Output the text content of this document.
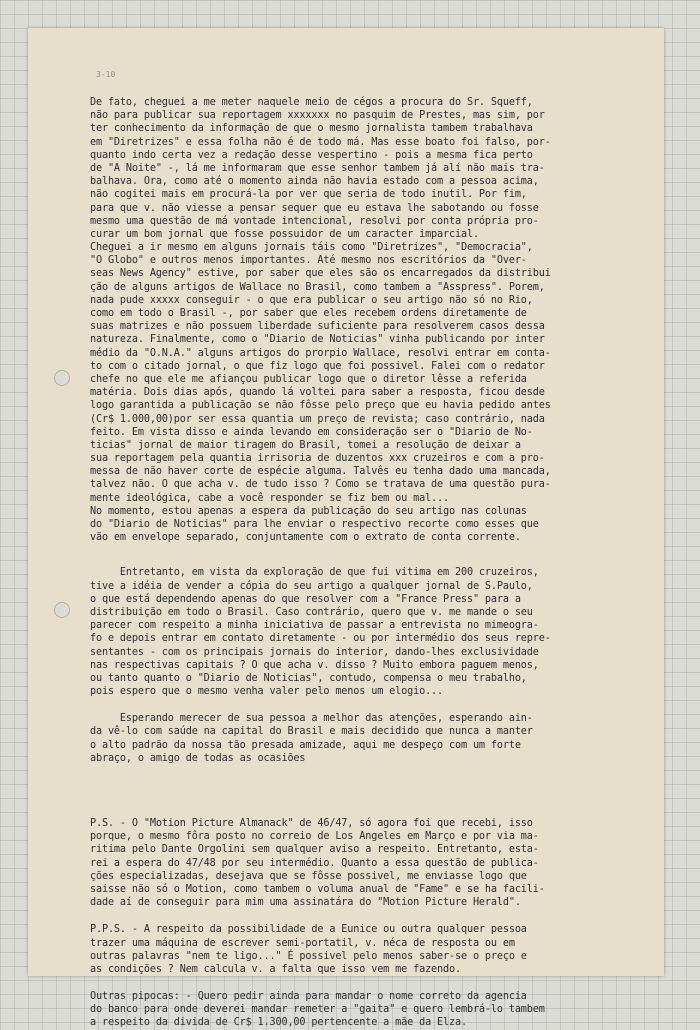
3-10
De fato, cheguei a me meter naquele meio de cégos a procura do Sr. Squeff,
não para publicar sua reportagem xxxxxxx no pasquim de Prestes, mas sim, por
ter conhecimento da informação de que o mesmo jornalista tambem trabalhava
em "Diretrizes" e essa folha não é de todo má. Mas esse boato foi falso, por-
quanto indo certa vez a redação desse vespertino - pois a mesma fica perto
de "A Noite" -, lá me informaram que esse senhor tambem já alí não mais tra-
balhava. Ora, como até o momento ainda não havia estado com a pessoa acima,
não cogitei mais em procurá-la por ver que seria de todo inutil. Por fim,
para que v. não viesse a pensar sequer que eu estava lhe sabotando ou fosse
mesmo uma questão de má vontade intencional, resolvi por conta própria pro-
curar um bom jornal que fosse possuidor de um caracter imparcial.
Cheguei a ir mesmo em alguns jornais táis como "Diretrizes", "Democracia",
"O Globo" e outros menos importantes. Até mesmo nos escritórios da "Over-
seas News Agency" estive, por saber que eles são os encarregados da distribui
ção de alguns artigos de Wallace no Brasil, como tambem a "Asspress". Porem,
nada pude xxxxx conseguir - o que era publicar o seu artigo não só no Rio,
como em todo o Brasil -, por saber que eles recebem ordens diretamente de
suas matrizes e não possuem liberdade suficiente para resolverem casos dessa
natureza. Finalmente, como o "Diario de Noticias" vinha publicando por inter
médio da "O.N.A." alguns artigos do prorpio Wallace, resolvi entrar em conta-
to com o citado jornal, o que fiz logo que foi possivel. Falei com o redator
chefe no que ele me afiançou publicar logo que o diretor lêsse a referida
matéria. Dois dias após, quando lá voltei para saber a resposta, ficou desde
logo garantida a publicação se não fôsse pelo preço que eu havia pedido antes
(Cr$ 1.000,00)por ser essa quantia um preço de revista; caso contrário, nada
feito. Em vista disso e ainda levando em consideração ser o "Diario de No-
ticias" jornal de maior tiragem do Brasil, tomei a resolução de deixar a
sua reportagem pela quantia irrisoria de duzentos xxx cruzeiros e com a pro-
messa de não haver corte de espécie alguma. Talvês eu tenha dado uma mancada,
talvez não. O que acha v. de tudo isso ? Como se tratava de uma questão pura-
mente ideológica, cabe a você responder se fiz bem ou mal...
No momento, estou apenas a espera da publicação do seu artigo nas colunas
do "Diario de Noticias" para lhe enviar o respectivo recorte como esses que
vão em envelope separado, conjuntamente com o extrato de conta corrente.
Entretanto, em vista da exploração de que fui vitima em 200 cruzeiros,
tive a idéia de vender a cópia do seu artigo a qualquer jornal de S.Paulo,
o que está dependendo apenas do que resolver com a "France Press" para a
distribuição em todo o Brasil. Caso contrário, quero que v. me mande o seu
parecer com respeito a minha iniciativa de passar a entrevista no mimeogra-
fo e depois entrar em contato diretamente - ou por intermédio dos seus repre-
sentantes - com os principais jornais do interior, dando-lhes exclusividade
nas respectivas capitais ? O que acha v. disso ? Muito embora paguem menos,
ou tanto quanto o "Diario de Noticias", contudo, compensa o meu trabalho,
pois espero que o mesmo venha valer pelo menos um elogio...
Esperando merecer de sua pessoa a melhor das atenções, esperando ain-
da vê-lo com saúde na capital do Brasil e mais decidido que nunca a manter
o alto padrão da nossa tão presada amizade, aqui me despeço com um forte
abraço, o amigo de todas as ocasiões
P.S. - O "Motion Picture Almanack" de 46/47, só agora foi que recebi, isso
porque, o mesmo fôra posto no correio de Los Angeles em Março e por via ma-
ritima pelo Dante Orgolini sem qualquer aviso a respeito. Entretanto, esta-
rei a espera do 47/48 por seu intermédio. Quanto a essa questão de publica-
ções especializadas, desejava que se fôsse possivel, me enviasse logo que
saisse não só o Motion, como tambem o voluma anual de "Fame" e se ha facili-
dade aí de conseguir para mim uma assinatára do "Motion Picture Herald".
P.P.S. - A respeito da possibilidade de a Eunice ou outra qualquer pessoa
trazer uma máquina de escrever semi-portatil, v. néca de resposta ou em
outras palavras "nem te ligo..." É possivel pelo menos saber-se o preço e
as condições ? Nem calcula v. a falta que isso vem me fazendo.
Outras pipocas: - Quero pedir ainda para mandar o nome correto da agencia
do banco para onde deverei mandar remeter a "gaita" e quero lembrá-lo tambem
a respeito da divida de Cr$ 1.300,00 pertencente a mãe da Elza.
